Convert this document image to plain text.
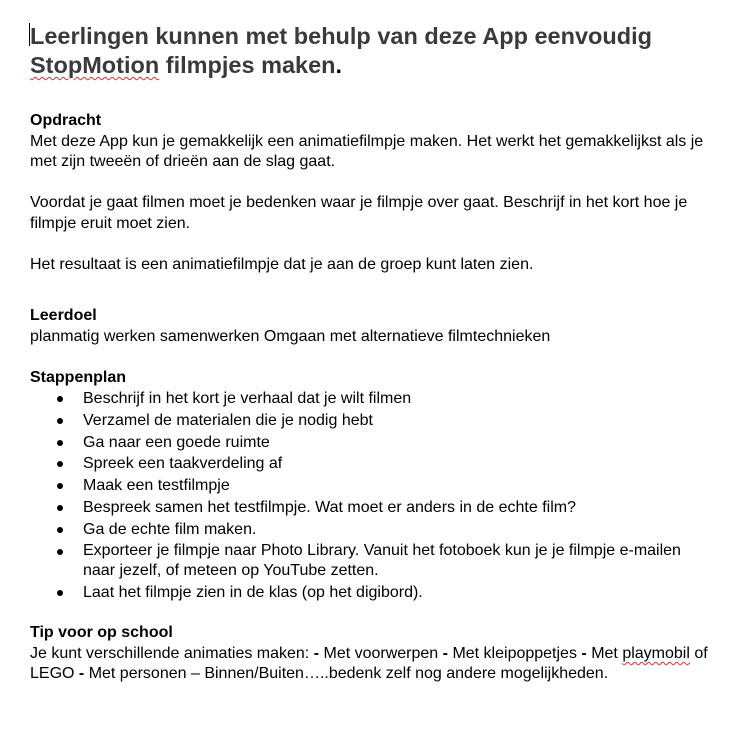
Leerlingen kunnen met behulp van deze App eenvoudig
StopMotion filmpjes maken.
Opdracht

Met deze App kun je gemakkelijk een animatiefilmpje maken. Het werkt het gemakkelijkst als je met zijn tweeën of drieën aan de slag gaat.

Voordat je gaat filmen moet je bedenken waar je filmpje over gaat. Beschrijf in het kort hoe je filmpje eruit moet zien.

Het resultaat is een animatiefilmpje dat je aan de groep kunt laten zien.

Leerdoel

planmatig werken samenwerken Omgaan met alternatieve filmtechnieken

Stappenplan
Beschrijf in het kort je verhaal dat je wilt filmen
Verzamel de materialen die je nodig hebt
Ga naar een goede ruimte
Spreek een taakverdeling af
Maak een testfilmpje
Bespreek samen het testfilmpje. Wat moet er anders in de echte film?
Ga de echte film maken.
Exporteer je filmpje naar Photo Library. Vanuit het fotoboek kun je je filmpje e-mailen naar jezelf, of meteen op YouTube zetten.
Laat het filmpje zien in de klas (op het digibord).
Tip voor op school

Je kunt verschillende animaties maken: - Met voorwerpen - Met kleipoppetjes - Met playmobil of LEGO - Met personen – Binnen/Buiten…..bedenk zelf nog andere mogelijkheden.
